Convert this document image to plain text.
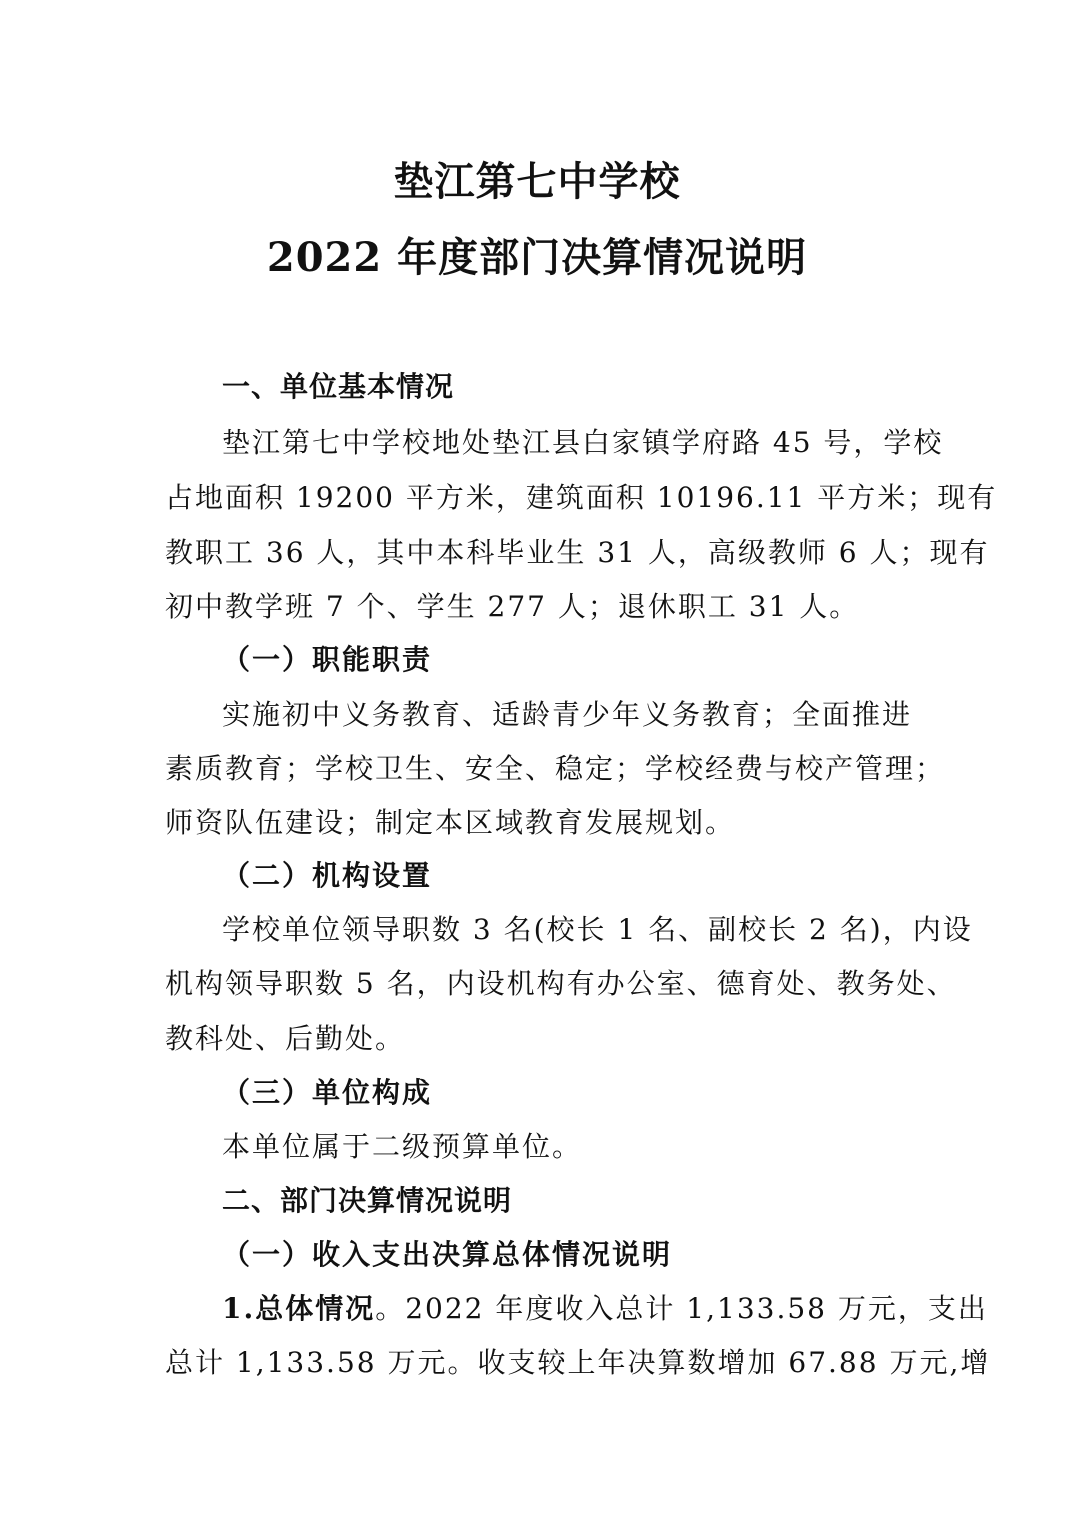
垫江第七中学校
2022 年度部门决算情况说明
一、单位基本情况
垫江第七中学校地处垫江县白家镇学府路 45 号，学校
占地面积 19200 平方米，建筑面积 10196.11 平方米；现有
教职工 36 人，其中本科毕业生 31 人，高级教师 6 人；现有
初中教学班 7 个、学生 277 人；退休职工 31 人。
（一）职能职责
实施初中义务教育、适龄青少年义务教育；全面推进
素质教育；学校卫生、安全、稳定；学校经费与校产管理；
师资队伍建设；制定本区域教育发展规划。
（二）机构设置
学校单位领导职数 3 名(校长 1 名、副校长 2 名)，内设
机构领导职数 5 名，内设机构有办公室、德育处、教务处、
教科处、后勤处。
（三）单位构成
本单位属于二级预算单位。
二、部门决算情况说明
（一）收入支出决算总体情况说明
1.总体情况。2022 年度收入总计 1,133.58 万元，支出
总计 1,133.58 万元。收支较上年决算数增加 67.88 万元,增
